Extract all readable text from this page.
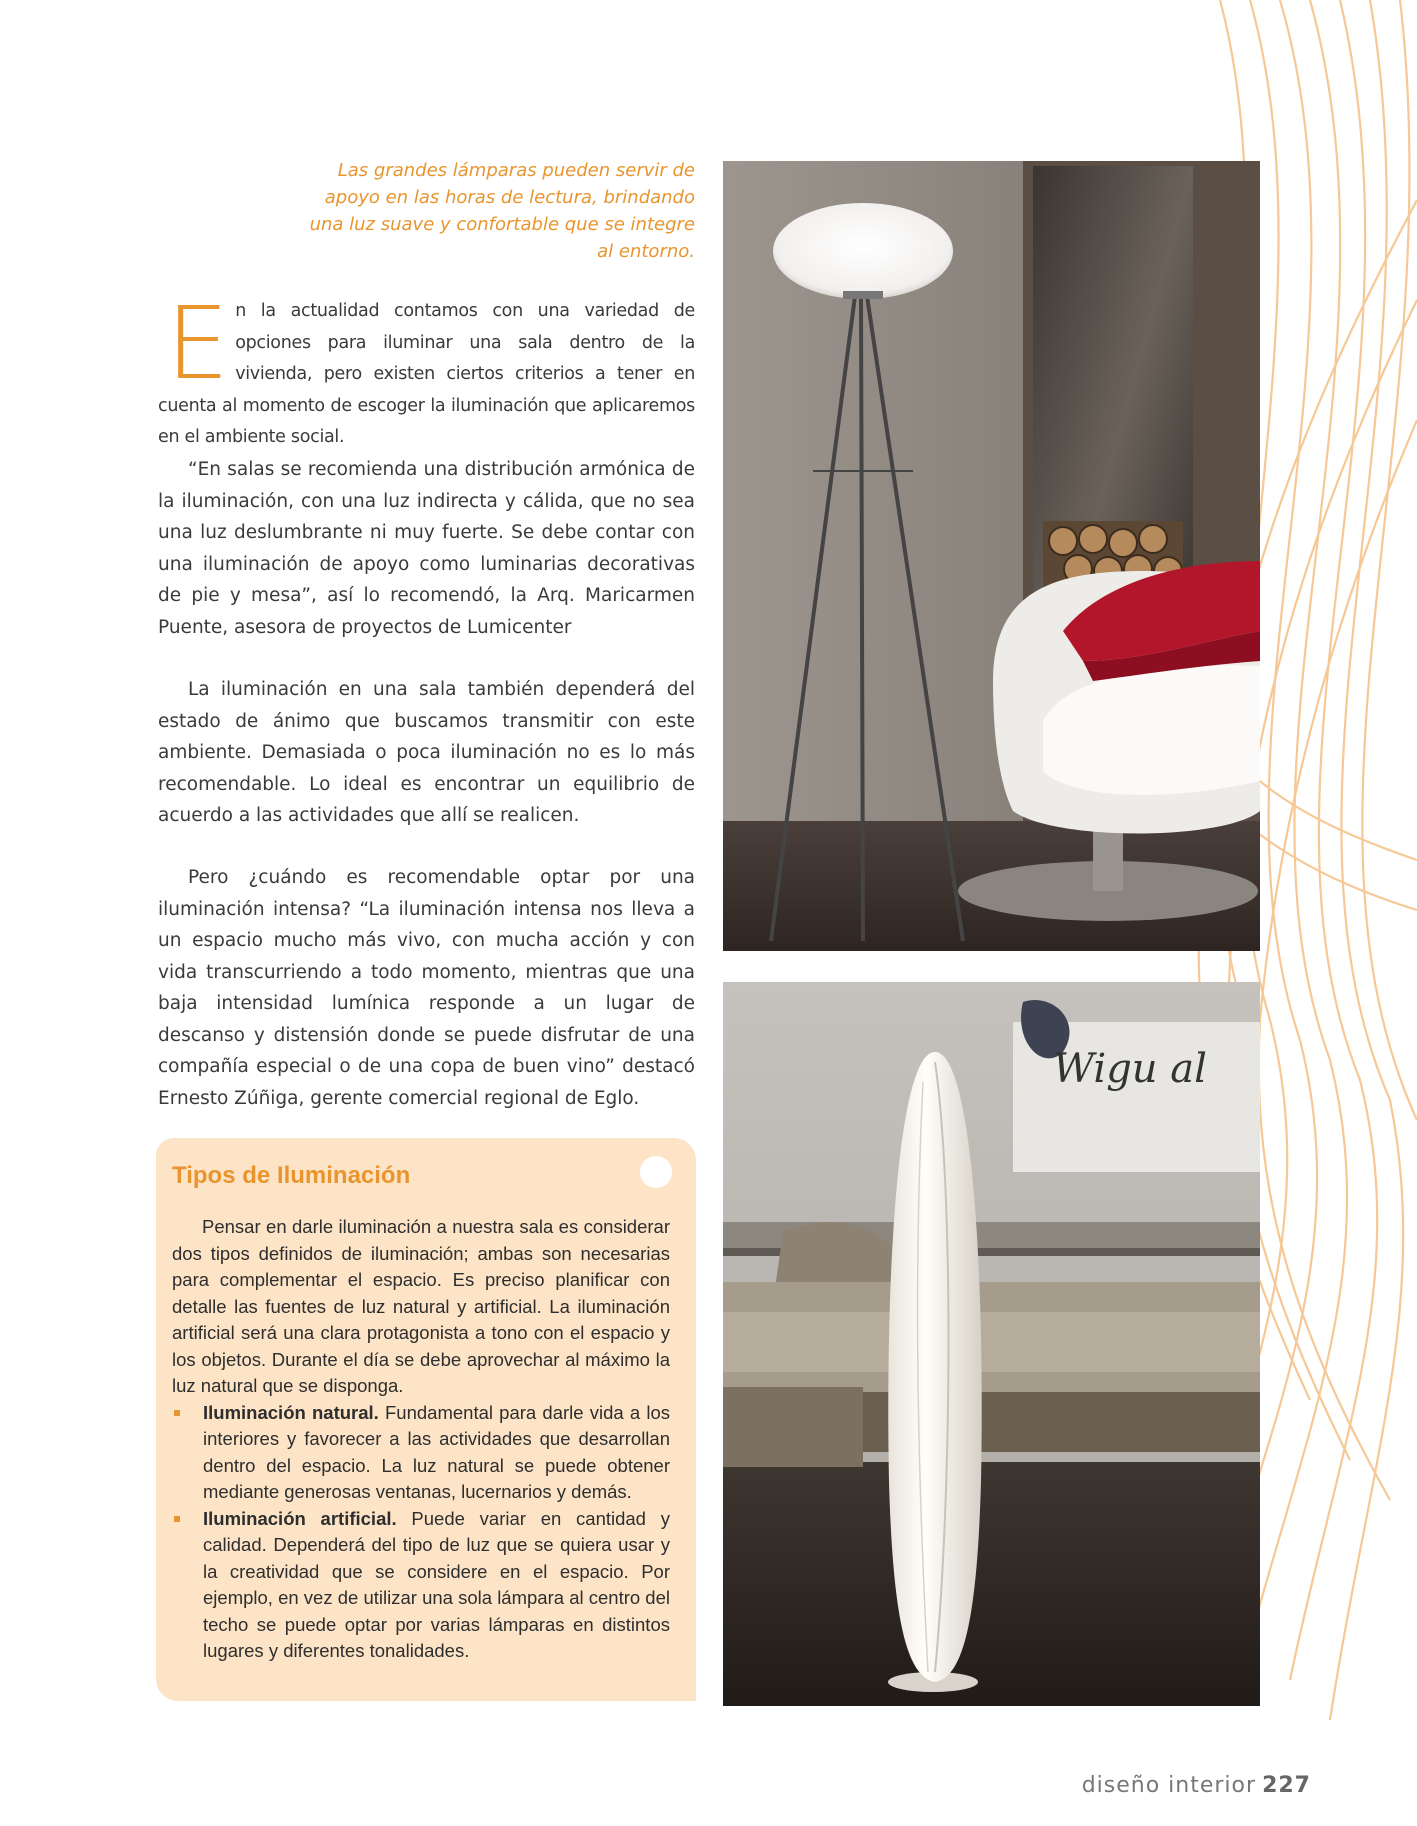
Las grandes lámparas pueden servir de apoyo en las horas de lectura, brindando una luz suave y confortable que se integre al entorno.
E n la actualidad contamos con una variedad de opciones para iluminar una sala dentro de la vivienda, pero existen ciertos criterios a tener en cuenta al momento de escoger la iluminación que aplicaremos en el ambiente social.

“En salas se recomienda una distribución armónica de la iluminación, con una luz indirecta y cálida, que no sea una luz deslumbrante ni muy fuerte. Se debe contar con una iluminación de apoyo como luminarias decorativas de pie y mesa”, así lo recomendó, la Arq. Maricarmen Puente, asesora de proyectos de Lumicenter

La iluminación en una sala también dependerá del estado de ánimo que buscamos transmitir con este ambiente. Demasiada o poca iluminación no es lo más recomendable. Lo ideal es encontrar un equilibrio de acuerdo a las actividades que allí se realicen.

Pero ¿cuándo es recomendable optar por una iluminación intensa? “La iluminación intensa nos lleva a un espacio mucho más vivo, con mucha acción y con vida transcurriendo a todo momento, mientras que una baja intensidad lumínica responde a un lugar de descanso y distensión donde se puede disfrutar de una compañía especial o de una copa de buen vino” destacó Ernesto Zúñiga, gerente comercial regional de Eglo.

Tipos de Iluminación
Pensar en darle iluminación a nuestra sala es considerar dos tipos definidos de iluminación; ambas son necesarias para complementar el espacio. Es preciso planificar con detalle las fuentes de luz natural y artificial. La iluminación artificial será una clara protagonista a tono con el espacio y los objetos. Durante el día se debe aprovechar al máximo la luz natural que se disponga.
Iluminación natural. Fundamental para darle vida a los interiores y favorecer a las actividades que desarrollan dentro del espacio. La luz natural se puede obtener mediante generosas ventanas, lucernarios y demás.
Iluminación artificial. Puede variar en cantidad y calidad. Dependerá del tipo de luz que se quiera usar y la creatividad que se considere en el espacio. Por ejemplo, en vez de utilizar una sola lámpara al centro del techo se puede optar por varias lámparas en distintos lugares y diferentes tonalidades.
Wigu al
diseño interior 227
